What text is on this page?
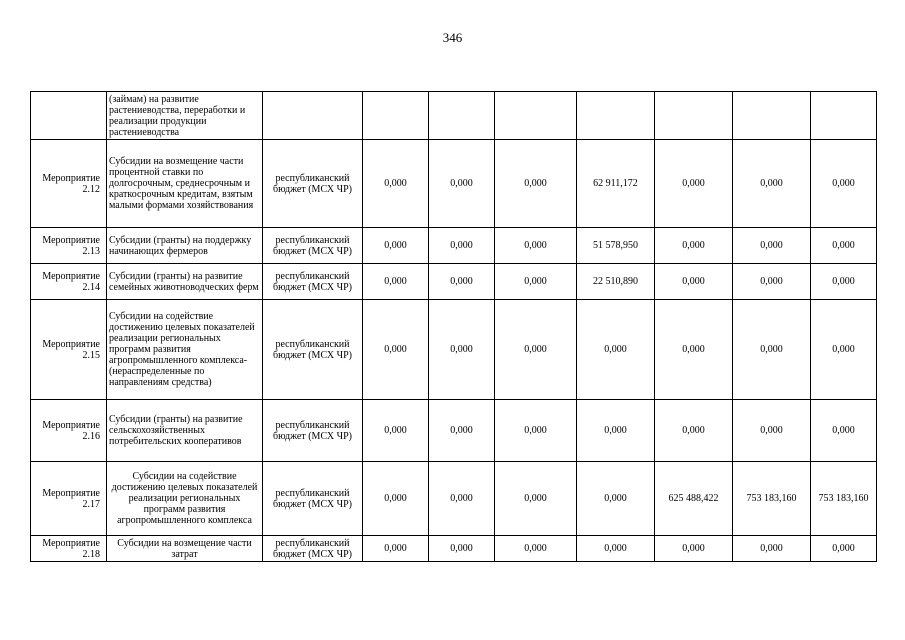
346
	(займам) на развитие растениеводства, переработки и реализации продукции растениеводства								
Мероприятие 2.12	Субсидии на возмещение части процентной ставки по долгосрочным, среднесрочным и краткосрочным кредитам, взятым малыми формами хозяйствования	республиканский бюджет (МСХ ЧР)	0,000	0,000	0,000	62 911,172	0,000	0,000	0,000
Мероприятие 2.13	Субсидии (гранты) на поддержку начинающих фермеров	республиканский бюджет (МСХ ЧР)	0,000	0,000	0,000	51 578,950	0,000	0,000	0,000
Мероприятие 2.14	Субсидии (гранты) на развитие семейных животноводческих ферм	республиканский бюджет (МСХ ЧР)	0,000	0,000	0,000	22 510,890	0,000	0,000	0,000
Мероприятие 2.15	Субсидии на содействие достижению целевых показателей реализации региональных программ развития агропромышленного комплекса- (нераспределенные по направлениям средства)	республиканский бюджет (МСХ ЧР)	0,000	0,000	0,000	0,000	0,000	0,000	0,000
Мероприятие 2.16	Субсидии (гранты) на развитие сельскохозяйственных потребительских кооперативов	республиканский бюджет (МСХ ЧР)	0,000	0,000	0,000	0,000	0,000	0,000	0,000
Мероприятие 2.17	Субсидии на содействие достижению целевых показателей реализации региональных программ развития агропромышленного комплекса	республиканский бюджет (МСХ ЧР)	0,000	0,000	0,000	0,000	625 488,422	753 183,160	753 183,160
Мероприятие 2.18	Субсидии на возмещение части затрат	республиканский бюджет (МСХ ЧР)	0,000	0,000	0,000	0,000	0,000	0,000	0,000
